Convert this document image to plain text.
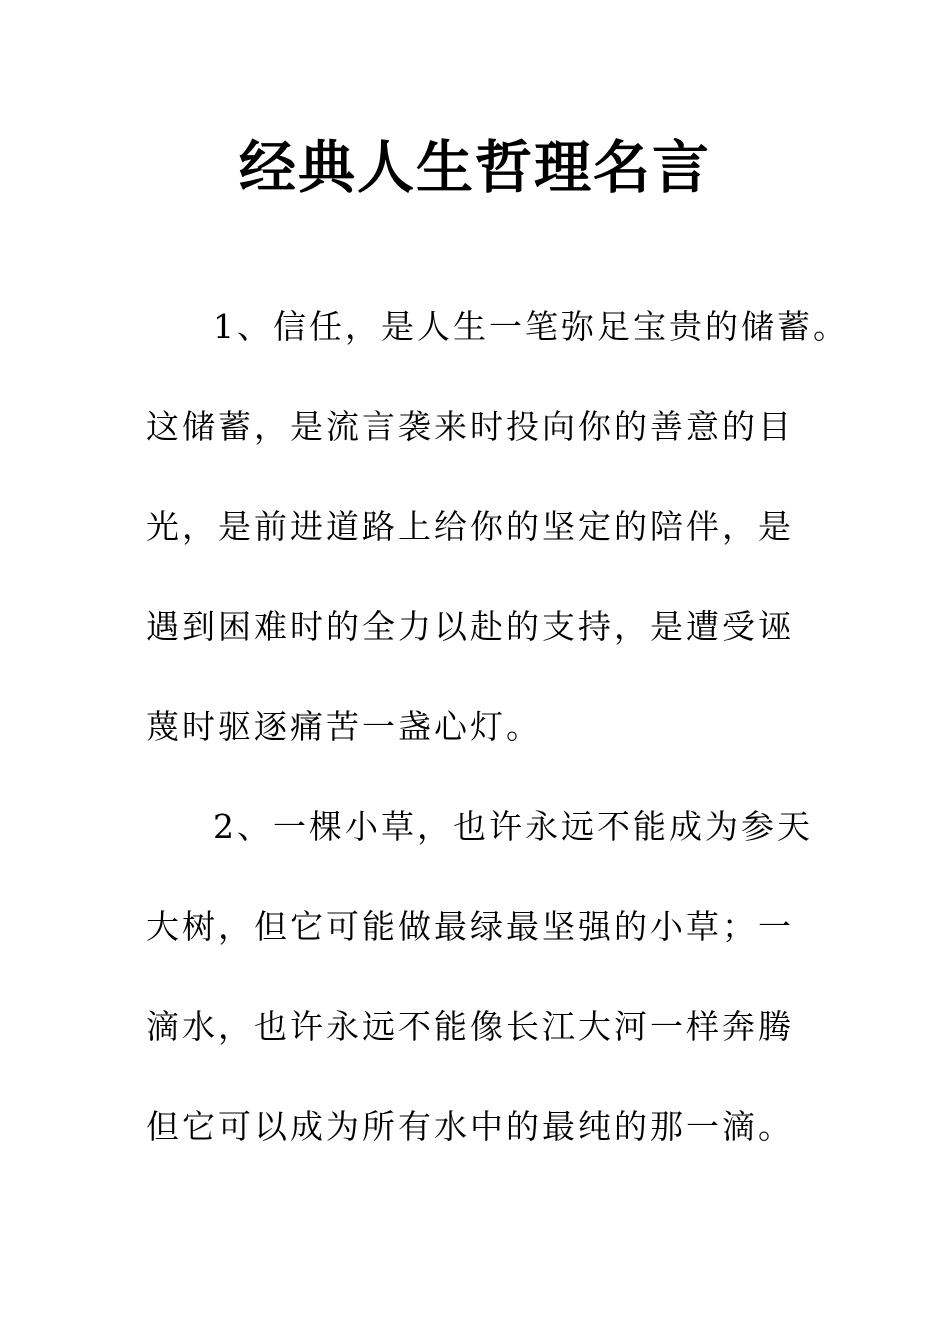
经典人生哲理名言
1、信任，是人生一笔弥足宝贵的储蓄。
这储蓄，是流言袭来时投向你的善意的目
光，是前进道路上给你的坚定的陪伴，是
遇到困难时的全力以赴的支持，是遭受诬
蔑时驱逐痛苦一盏心灯。
2、一棵小草，也许永远不能成为参天
大树，但它可能做最绿最坚强的小草；一
滴水，也许永远不能像长江大河一样奔腾
但它可以成为所有水中的最纯的那一滴。
